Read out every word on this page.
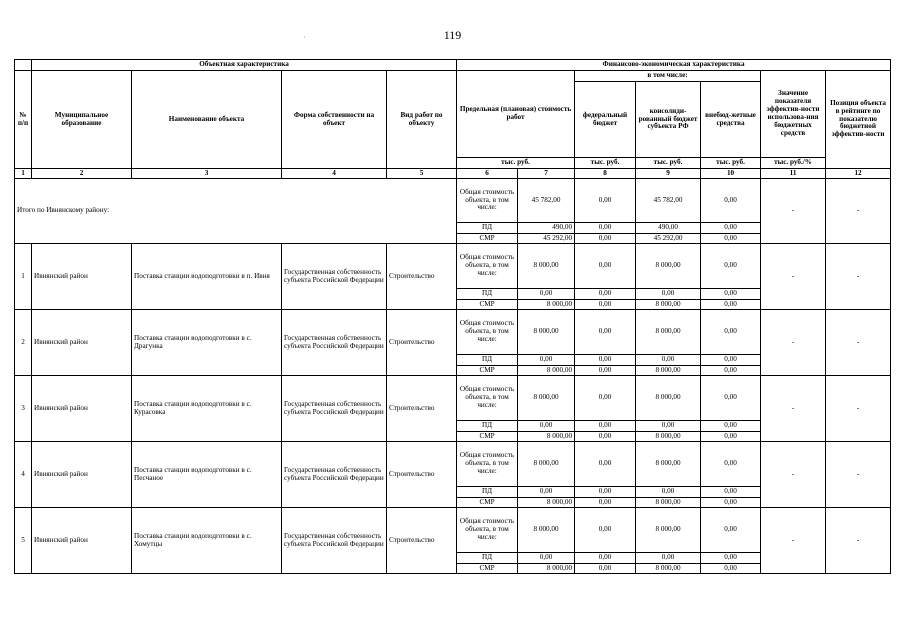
119
·
	Объектная характеристика				Финансово-экономическая характеристика						
№ п/п	Муниципальное образование	Наименование объекта	Форма собственности на объект	Вид работ по объекту	Предельная (плановая) стоимость работ		в том числе:			Значение показателя эффектив-ности использова-ния бюджетных средств	Позиция объекта в рейтинге по показателю бюджетной эффектив-ности
							федеральный бюджет	консолиди-рованный бюджет субъекта РФ	внебюд-жетные средства		
					тыс. руб.		тыс. руб.	тыс. руб.	тыс. руб.	тыс. руб./%	
1	2	3	4	5	6	7	8	9	10	11	12
Итого по Ивнянскому району:					Общая стоимость объекта, в том числе:	45 782,00	0,00	45 782,00	0,00	-	-
					ПД	490,00	0,00	490,00	0,00		
					СМР	45 292,00	0,00	45 292,00	0,00		
1	Ивнянский район	Поставка станции водоподготовки в п. Ивня	Государственная собственность субъекта Российской Федерации	Строительство	Общая стоимость объекта, в том числе:	8 000,00	0,00	8 000,00	0,00	-	-
					ПД	0,00	0,00	0,00	0,00		
					СМР	8 000,00	0,00	8 000,00	0,00		
2	Ивнянский район	Поставка станции водоподготовки в с. Драгунка	Государственная собственность субъекта Российской Федерации	Строительство	Общая стоимость объекта, в том числе:	8 000,00	0,00	8 000,00	0,00	-	-
					ПД	0,00	0,00	0,00	0,00		
					СМР	8 000,00	0,00	8 000,00	0,00		
3	Ивнянский район	Поставка станции водоподготовки в с. Курасовка	Государственная собственность субъекта Российской Федерации	Строительство	Общая стоимость объекта, в том числе:	8 000,00	0,00	8 000,00	0,00	-	-
					ПД	0,00	0,00	0,00	0,00		
					СМР	8 000,00	0,00	8 000,00	0,00		
4	Ивнянский район	Поставка станции водоподготовки в с. Песчаное	Государственная собственность субъекта Российской Федерации	Строительство	Общая стоимость объекта, в том числе:	8 000,00	0,00	8 000,00	0,00	-	-
					ПД	0,00	0,00	0,00	0,00		
					СМР	8 000,00	0,00	8 000,00	0,00		
5	Ивнянский район	Поставка станции водоподготовки в с. Хомутцы	Государственная собственность субъекта Российской Федерации	Строительство	Общая стоимость объекта, в том числе:	8 000,00	0,00	8 000,00	0,00	-	-
					ПД	0,00	0,00	0,00	0,00		
					СМР	8 000,00	0,00	8 000,00	0,00		
